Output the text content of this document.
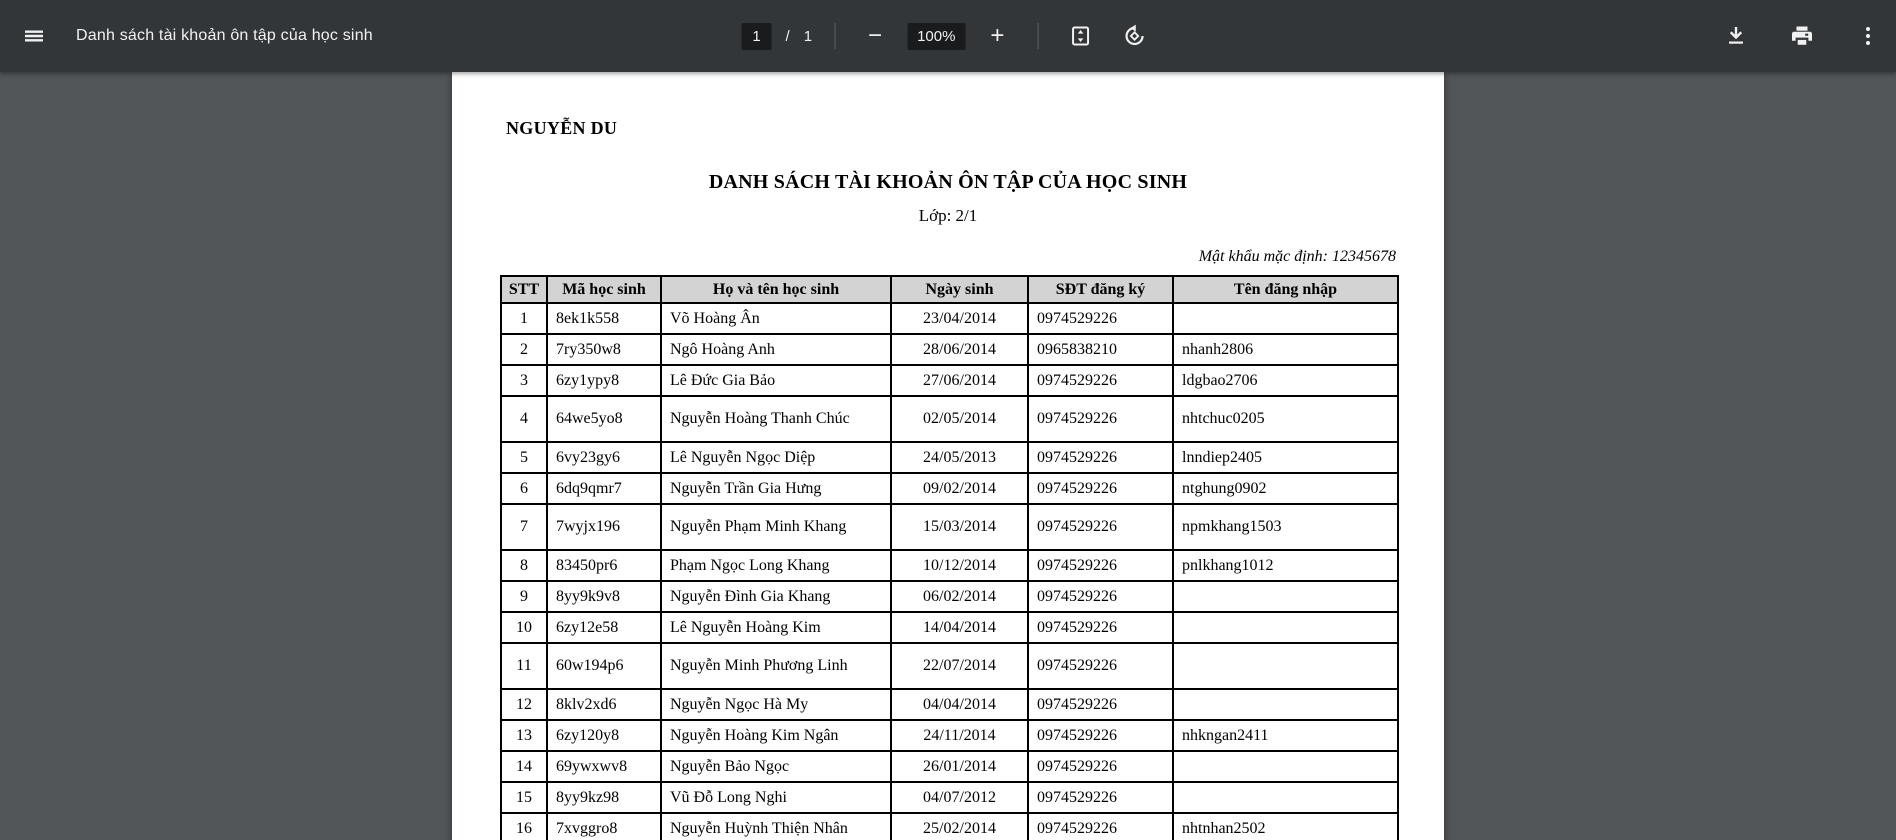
Danh sách tài khoản ôn tập của học sinh	1	/ 1	−	100%	+
NGUYỄN DU
DANH SÁCH TÀI KHOẢN ÔN TẬP CỦA HỌC SINH
Lớp: 2/1
Mật khẩu mặc định: 12345678
STT	Mã học sinh	Họ và tên học sinh	Ngày sinh	SĐT đăng ký	Tên đăng nhập
1	8ek1k558	Võ Hoàng Ân	23/04/2014	0974529226	
2	7ry350w8	Ngô Hoàng Anh	28/06/2014	0965838210	nhanh2806
3	6zy1ypy8	Lê Đức Gia Bảo	27/06/2014	0974529226	ldgbao2706
4	64we5yo8	Nguyễn Hoàng Thanh Chúc	02/05/2014	0974529226	nhtchuc0205
5	6vy23gy6	Lê Nguyễn Ngọc Diệp	24/05/2013	0974529226	lnndiep2405
6	6dq9qmr7	Nguyễn Trần Gia Hưng	09/02/2014	0974529226	ntghung0902
7	7wyjx196	Nguyễn Phạm Minh Khang	15/03/2014	0974529226	npmkhang1503
8	83450pr6	Phạm Ngọc Long Khang	10/12/2014	0974529226	pnlkhang1012
9	8yy9k9v8	Nguyễn Đình Gia Khang	06/02/2014	0974529226	
10	6zy12e58	Lê Nguyễn Hoàng Kim	14/04/2014	0974529226	
11	60w194p6	Nguyễn Minh Phương Linh	22/07/2014	0974529226	
12	8klv2xd6	Nguyễn Ngọc Hà My	04/04/2014	0974529226	
13	6zy120y8	Nguyễn Hoàng Kim Ngân	24/11/2014	0974529226	nhkngan2411
14	69ywxwv8	Nguyễn Bảo Ngọc	26/01/2014	0974529226	
15	8yy9kz98	Vũ Đỗ Long Nghi	04/07/2012	0974529226	
16	7xvggro8	Nguyễn Huỳnh Thiện Nhân	25/02/2014	0974529226	nhtnhan2502
